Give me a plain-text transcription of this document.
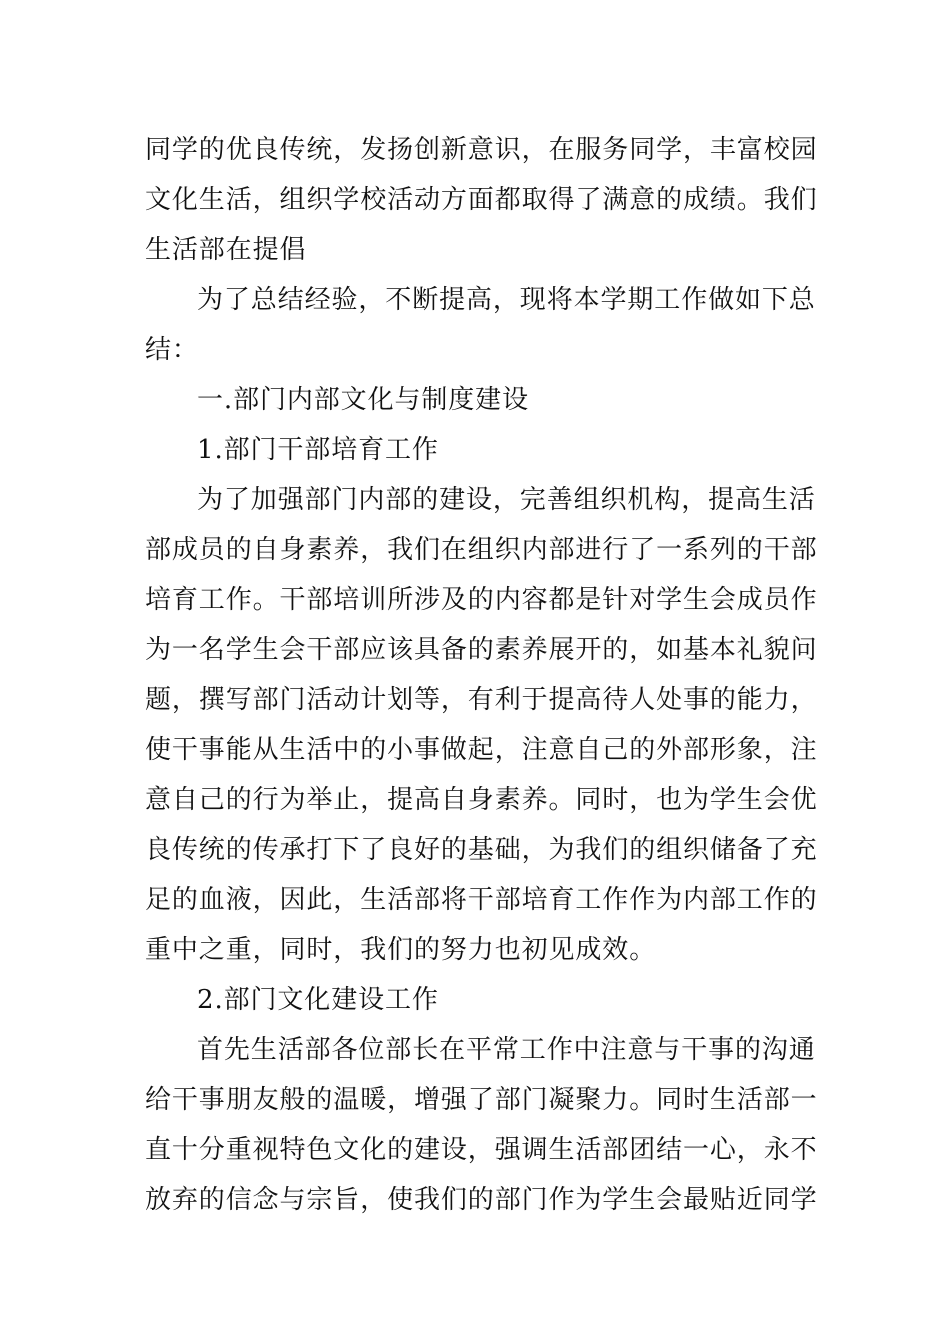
同学的优良传统，发扬创新意识，在服务同学，丰富校园
文化生活，组织学校活动方面都取得了满意的成绩。我们
生活部在提倡
为了总结经验，不断提高，现将本学期工作做如下总
结：
一.部门内部文化与制度建设
1.部门干部培育工作
为了加强部门内部的建设，完善组织机构，提高生活
部成员的自身素养，我们在组织内部进行了一系列的干部
培育工作。干部培训所涉及的内容都是针对学生会成员作
为一名学生会干部应该具备的素养展开的，如基本礼貌问
题，撰写部门活动计划等，有利于提高待人处事的能力，
使干事能从生活中的小事做起，注意自己的外部形象，注
意自己的行为举止，提高自身素养。同时，也为学生会优
良传统的传承打下了良好的基础，为我们的组织储备了充
足的血液，因此，生活部将干部培育工作作为内部工作的
重中之重，同时，我们的努力也初见成效。
2.部门文化建设工作
首先生活部各位部长在平常工作中注意与干事的沟通
给干事朋友般的温暖，增强了部门凝聚力。同时生活部一
直十分重视特色文化的建设，强调生活部团结一心，永不
放弃的信念与宗旨，使我们的部门作为学生会最贴近同学
